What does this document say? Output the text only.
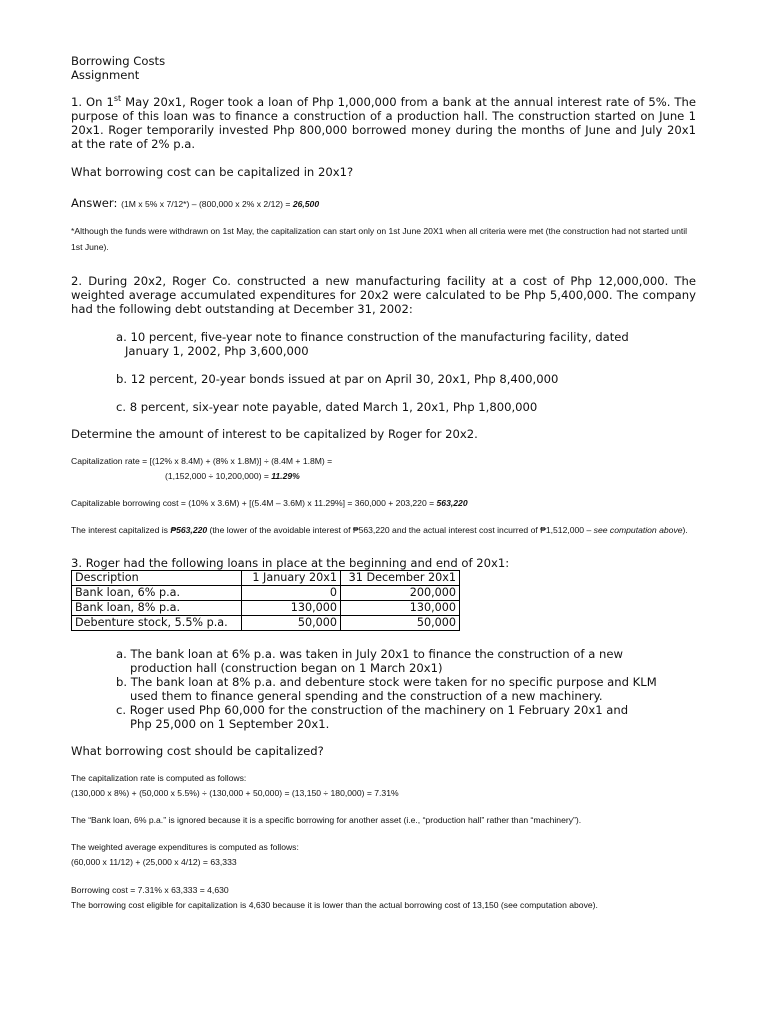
Borrowing Costs

Assignment

1. On 1st May 20x1, Roger took a loan of Php 1,000,000 from a bank at the annual interest rate of 5%. The purpose of this loan was to finance a construction of a production hall. The construction started on June 1 20x1. Roger temporarily invested Php 800,000 borrowed money during the months of June and July 20x1 at the rate of 2% p.a.

What borrowing cost can be capitalized in 20x1?

Answer: (1M x 5% x 7/12*) – (800,000 x 2% x 2/12) = 26,500

*Although the funds were withdrawn on 1st May, the capitalization can start only on 1st June 20X1 when all criteria were met (the construction had not started until 1st June).

2. During 20x2, Roger Co. constructed a new manufacturing facility at a cost of Php 12,000,000. The weighted average accumulated expenditures for 20x2 were calculated to be Php 5,400,000. The company had the following debt outstanding at December 31, 2002:

a. 10 percent, five-year note to finance construction of the manufacturing facility, dated
January 1, 2002, Php 3,600,000
b. 12 percent, 20-year bonds issued at par on April 30, 20x1, Php 8,400,000
c. 8 percent, six-year note payable, dated March 1, 20x1, Php 1,800,000

Determine the amount of interest to be capitalized by Roger for 20x2.

Capitalization rate = [(12% x 8.4M) + (8% x 1.8M)] ÷ (8.4M + 1.8M) =
(1,152,000 ÷ 10,200,000) = 11.29%

Capitalizable borrowing cost = (10% x 3.6M) + [(5.4M – 3.6M) x 11.29%] = 360,000 + 203,220 = 563,220

The interest capitalized is ₱563,220 (the lower of the avoidable interest of ₱563,220 and the actual interest cost incurred of ₱1,512,000 – see computation above).

3. Roger had the following loans in place at the beginning and end of 20x1:

Description	1 January 20x1	31 December 20x1
Bank loan, 6% p.a.	0	200,000
Bank loan, 8% p.a.	130,000	130,000
Debenture stock, 5.5% p.a.	50,000	50,000
a. The bank loan at 6% p.a. was taken in July 20x1 to finance the construction of a new
production hall (construction began on 1 March 20x1)
b. The bank loan at 8% p.a. and debenture stock were taken for no specific purpose and KLM
used them to finance general spending and the construction of a new machinery.
c. Roger used Php 60,000 for the construction of the machinery on 1 February 20x1 and
Php 25,000 on 1 September 20x1.

What borrowing cost should be capitalized?

The capitalization rate is computed as follows:
(130,000 x 8%) + (50,000 x 5.5%) ÷ (130,000 + 50,000) = (13,150 ÷ 180,000) = 7.31%

The “Bank loan, 6% p.a.” is ignored because it is a specific borrowing for another asset (i.e., “production hall” rather than “machinery”).

The weighted average expenditures is computed as follows:
(60,000 x 11/12) + (25,000 x 4/12) = 63,333
Borrowing cost = 7.31% x 63,333 = 4,630
The borrowing cost eligible for capitalization is 4,630 because it is lower than the actual borrowing cost of 13,150 (see computation above).
